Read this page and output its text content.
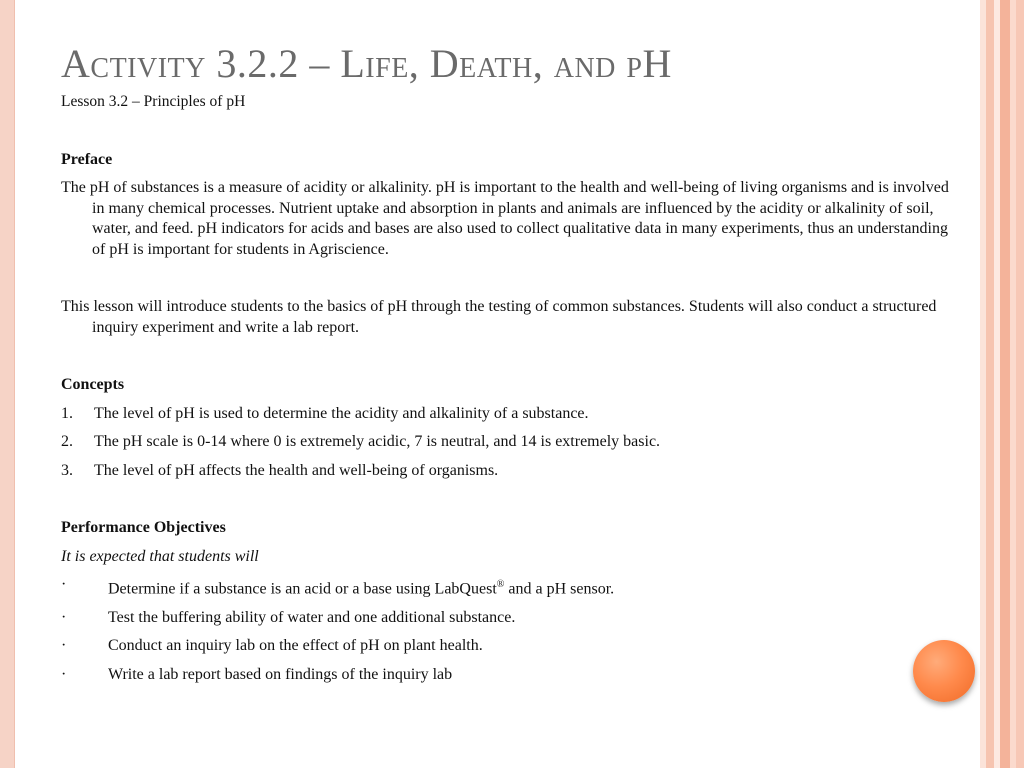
Activity 3.2.2 – Life, Death, and pH

Lesson 3.2 – Principles of pH

Preface

The pH of substances is a measure of acidity or alkalinity. pH is important to the health and well-being of living organisms and is involved in many chemical processes. Nutrient uptake and absorption in plants and animals are influenced by the acidity or alkalinity of soil, water, and feed. pH indicators for acids and bases are also used to collect qualitative data in many experiments, thus an understanding of pH is important for students in Agriscience.

This lesson will introduce students to the basics of pH through the testing of common substances. Students will also conduct a structured inquiry experiment and write a lab report.

Concepts

1.	The level of pH is used to determine the acidity and alkalinity of a substance.

2.	The pH scale is 0-14 where 0 is extremely acidic, 7 is neutral, and 14 is extremely basic.

3.	The level of pH affects the health and well-being of organisms.

Performance Objectives

It is expected that students will

·	Determine if a substance is an acid or a base using LabQuest® and a pH sensor.

·	Test the buffering ability of water and one additional substance.

·	Conduct an inquiry lab on the effect of pH on plant health.

·	Write a lab report based on findings of the inquiry lab
